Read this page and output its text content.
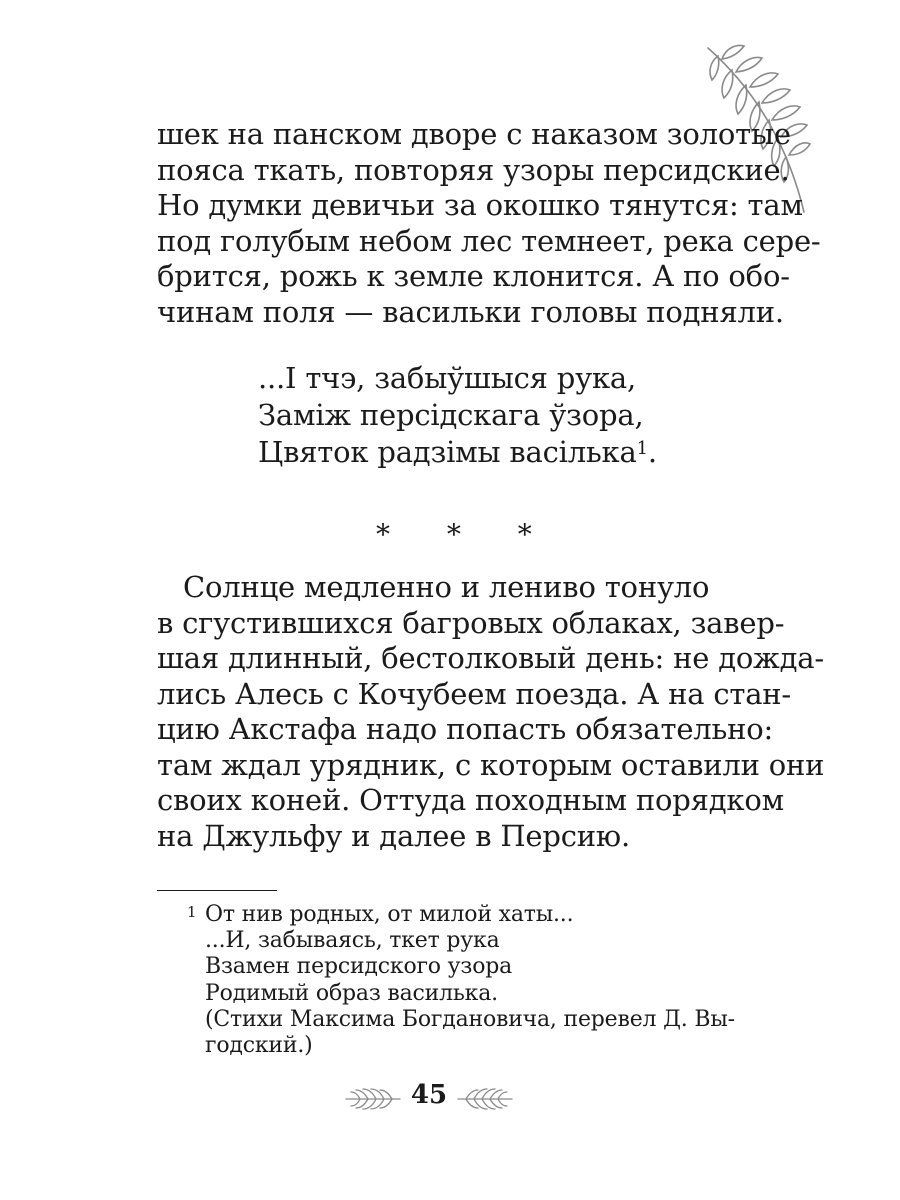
шек на панском дворе с наказом золотые
пояса ткать, повторяя узоры персидские.
Но думки девичьи за окошко тянутся: там
под голубым небом лес темнеет, река сере-
брится, рожь к земле клонится. А по обо-
чинам поля — васильки головы подняли.
...І тчэ, забыўшыся рука,
Заміж персідскага ўзора,
Цвяток радзімы васілька$^1$.
* * *
Солнце медленно и лениво тонуло
в сгустившихся багровых облаках, завер-
шая длинный, бестолковый день: не дожда-
лись Алесь с Кочубеем поезда. А на стан-
цию Акстафа надо попасть обязательно:
там ждал урядник, с которым оставили они
своих коней. Оттуда походным порядком
на Джульфу и далее в Персию.
1 От нив родных, от милой хаты...
...И, забываясь, ткет рука
Взамен персидского узора
Родимый образ василька.
(Стихи Максима Богдановича, перевел Д. Вы-
годский.)
45
